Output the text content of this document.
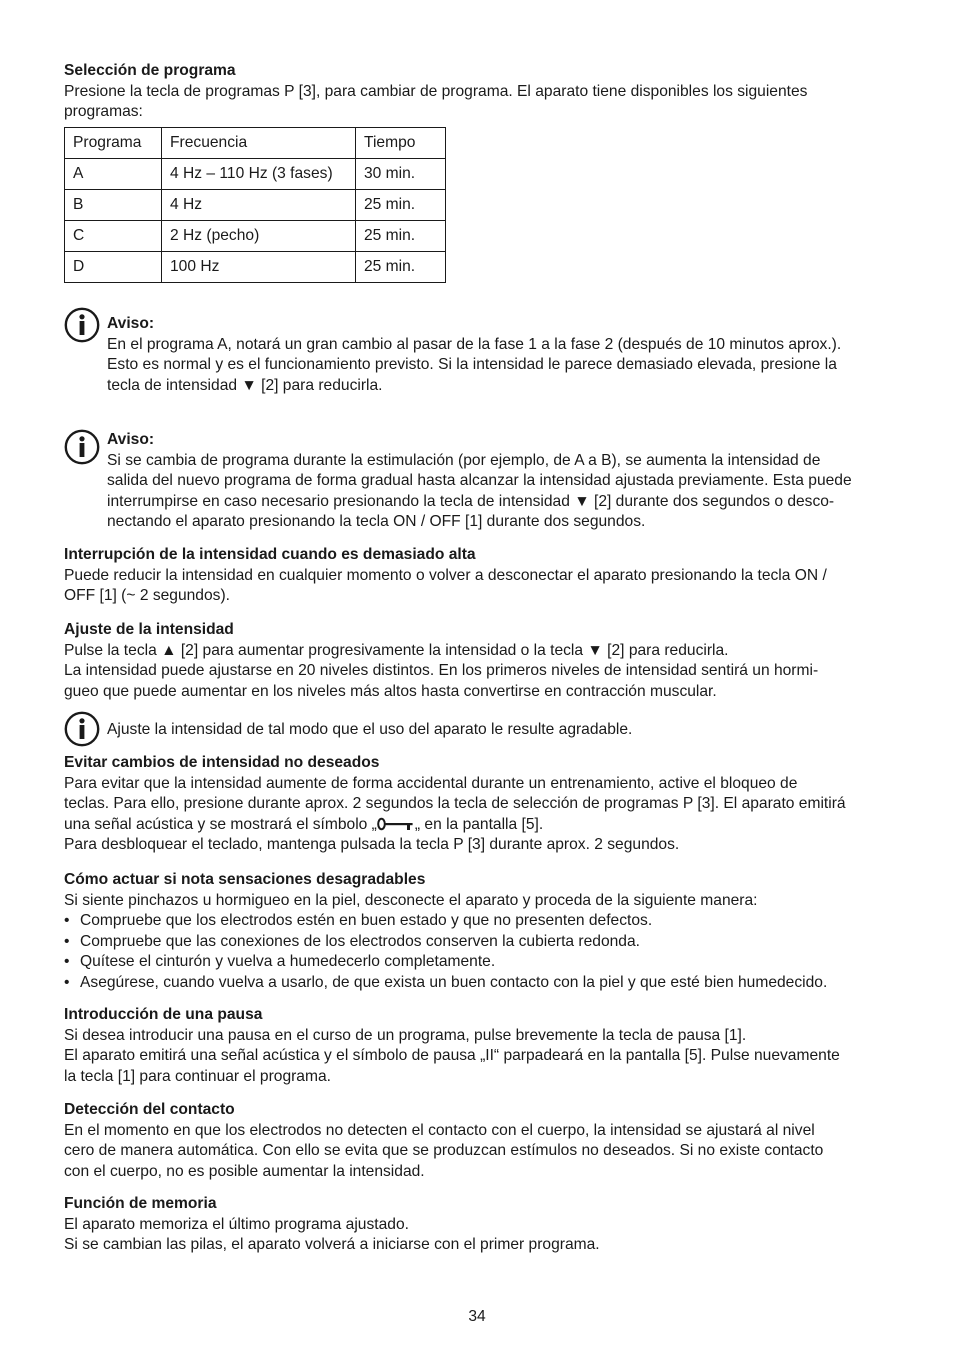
Selección de programa
Presione la tecla de programas P [3], para cambiar de programa. El aparato tiene disponibles los siguientes
programas:
Programa	Frecuencia	Tiempo
A	4 Hz – 110 Hz (3 fases)	30 min.
B	4 Hz	25 min.
C	2 Hz (pecho)	25 min.
D	100 Hz	25 min.
Aviso:
En el programa A, notará un gran cambio al pasar de la fase 1 a la fase 2 (después de 10 minutos aprox.).
Esto es normal y es el funcionamiento previsto. Si la intensidad le parece demasiado elevada, presione la
tecla de intensidad ▼ [2] para reducirla.
Aviso:
Si se cambia de programa durante la estimulación (por ejemplo, de A a B), se aumenta la intensidad de
salida del nuevo programa de forma gradual hasta alcanzar la intensidad ajustada previamente. Esta puede
interrumpirse en caso necesario presionando la tecla de intensidad ▼ [2] durante dos segundos o desco-
nectando el aparato presionando la tecla ON / OFF [1] durante dos segundos.
Interrupción de la intensidad cuando es demasiado alta
Puede reducir la intensidad en cualquier momento o volver a desconectar el aparato presionando la tecla ON /
OFF [1] (~ 2 segundos).
Ajuste de la intensidad
Pulse la tecla ▲ [2] para aumentar progresivamente la intensidad o la tecla ▼ [2] para reducirla.
La intensidad puede ajustarse en 20 niveles distintos. En los primeros niveles de intensidad sentirá un hormi-
gueo que puede aumentar en los niveles más altos hasta convertirse en contracción muscular.
Ajuste la intensidad de tal modo que el uso del aparato le resulte agradable.
Evitar cambios de intensidad no deseados
Para evitar que la intensidad aumente de forma accidental durante un entrenamiento, active el bloqueo de
teclas. Para ello, presione durante aprox. 2 segundos la tecla de selección de programas P [3]. El aparato emitirá
una señal acústica y se mostrará el símbolo „ „ en la pantalla [5].
Para desbloquear el teclado, mantenga pulsada la tecla P [3] durante aprox. 2 segundos.
Cómo actuar si nota sensaciones desagradables
Si siente pinchazos u hormigueo en la piel, desconecte el aparato y proceda de la siguiente manera:
• Compruebe que los electrodos estén en buen estado y que no presenten defectos.
• Compruebe que las conexiones de los electrodos conserven la cubierta redonda.
• Quítese el cinturón y vuelva a humedecerlo completamente.
• Asegúrese, cuando vuelva a usarlo, de que exista un buen contacto con la piel y que esté bien humedecido.
Introducción de una pausa
Si desea introducir una pausa en el curso de un programa, pulse brevemente la tecla de pausa [1].
El aparato emitirá una señal acústica y el símbolo de pausa „II“ parpadeará en la pantalla [5]. Pulse nuevamente
la tecla [1] para continuar el programa.
Detección del contacto
En el momento en que los electrodos no detecten el contacto con el cuerpo, la intensidad se ajustará al nivel
cero de manera automática. Con ello se evita que se produzcan estímulos no deseados. Si no existe contacto
con el cuerpo, no es posible aumentar la intensidad.
Función de memoria
El aparato memoriza el último programa ajustado.
Si se cambian las pilas, el aparato volverá a iniciarse con el primer programa.
34
